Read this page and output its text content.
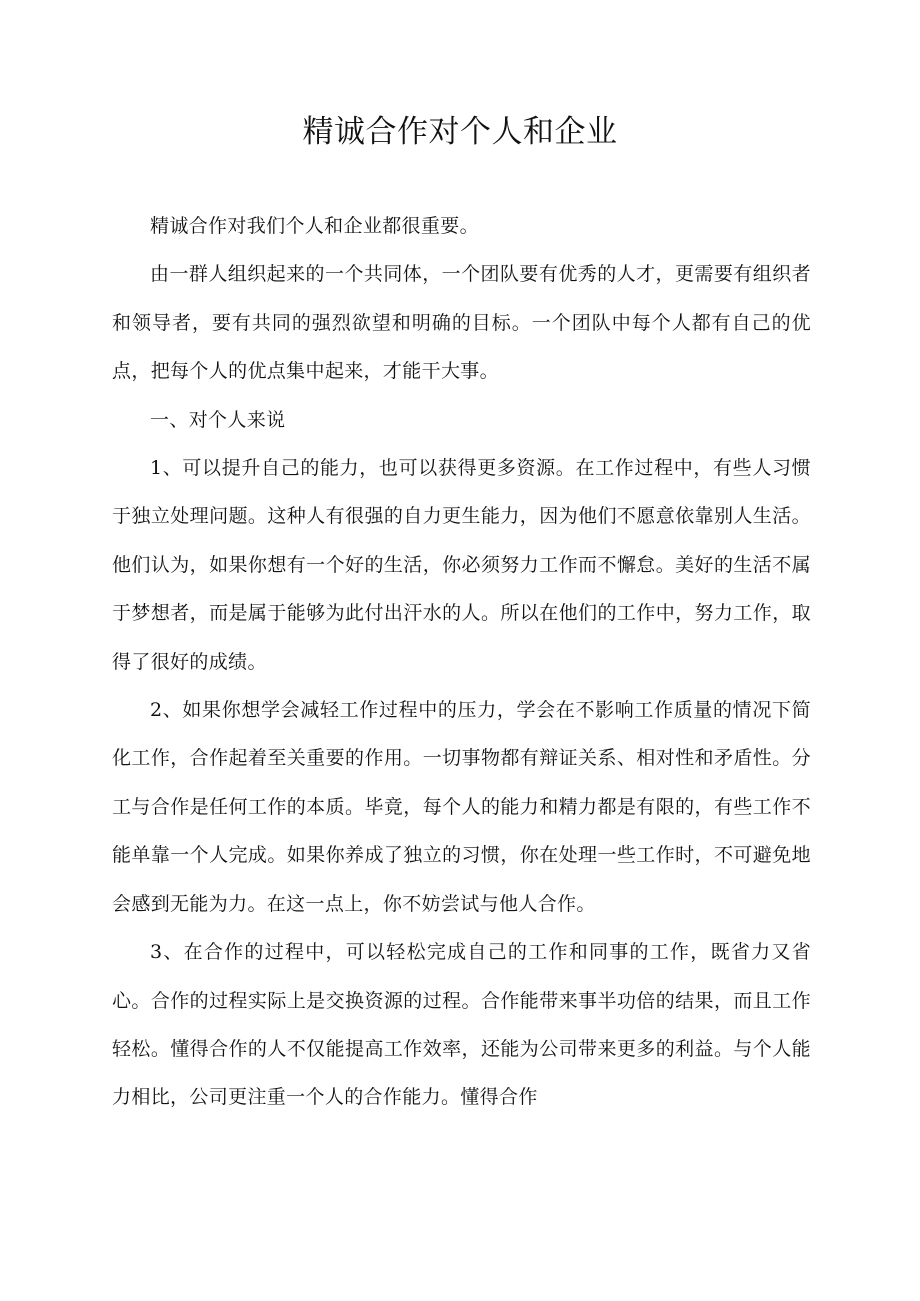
精诚合作对个人和企业

精诚合作对我们个人和企业都很重要。

由一群人组织起来的一个共同体，一个团队要有优秀的人才，更需要有组织者和领导者，要有共同的强烈欲望和明确的目标。一个团队中每个人都有自己的优点，把每个人的优点集中起来，才能干大事。

一、对个人来说

1、可以提升自己的能力，也可以获得更多资源。在工作过程中，有些人习惯于独立处理问题。这种人有很强的自力更生能力，因为他们不愿意依靠别人生活。他们认为，如果你想有一个好的生活，你必须努力工作而不懈怠。美好的生活不属于梦想者，而是属于能够为此付出汗水的人。所以在他们的工作中，努力工作，取得了很好的成绩。

2、如果你想学会减轻工作过程中的压力，学会在不影响工作质量的情况下简化工作，合作起着至关重要的作用。一切事物都有辩证关系、相对性和矛盾性。分工与合作是任何工作的本质。毕竟，每个人的能力和精力都是有限的，有些工作不能单靠一个人完成。如果你养成了独立的习惯，你在处理一些工作时，不可避免地会感到无能为力。在这一点上，你不妨尝试与他人合作。

3、在合作的过程中，可以轻松完成自己的工作和同事的工作，既省力又省心。合作的过程实际上是交换资源的过程。合作能带来事半功倍的结果，而且工作轻松。懂得合作的人不仅能提高工作效率，还能为公司带来更多的利益。与个人能力相比，公司更注重一个人的合作能力。懂得合作
